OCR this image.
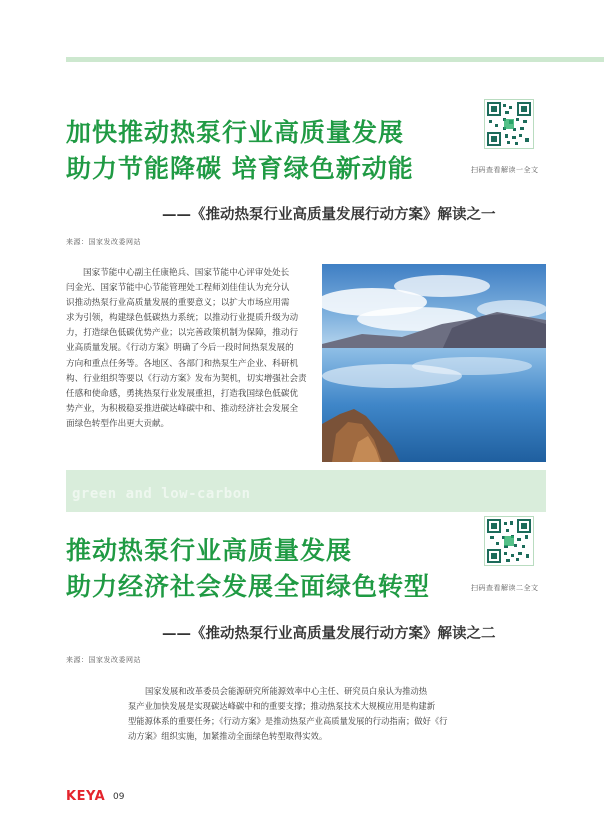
加快推动热泵行业高质量发展
助力节能降碳 培育绿色新动能	扫码查看解读一全文
——《推动热泵行业高质量发展行动方案》解读之一
来源：国家发改委网站
国家节能中心副主任康艳兵、国家节能中心评审处处长
闫金光、国家节能中心节能管理处工程师刘佳佳认为充分认
识推动热泵行业高质量发展的重要意义；以扩大市场应用需
求为引领，构建绿色低碳热力系统；以推动行业提质升级为动
力，打造绿色低碳优势产业；以完善政策机制为保障，推动行
业高质量发展。《行动方案》明确了今后一段时间热泵发展的
方向和重点任务等。各地区、各部门和热泵生产企业、科研机
构、行业组织等要以《行动方案》发布为契机，切实增强社会责
任感和使命感，勇挑热泵行业发展重担，打造我国绿色低碳优
势产业，为积极稳妥推进碳达峰碳中和、推动经济社会发展全
面绿色转型作出更大贡献。
green and low-carbon
推动热泵行业高质量发展
助力经济社会发展全面绿色转型	扫码查看解读二全文
——《推动热泵行业高质量发展行动方案》解读之二
来源：国家发改委网站
国家发展和改革委员会能源研究所能源效率中心主任、研究员白泉认为推动热
泵产业加快发展是实现碳达峰碳中和的重要支撑；推动热泵技术大规模应用是构建新
型能源体系的重要任务；《行动方案》是推动热泵产业高质量发展的行动指南；做好《行
动方案》组织实施，加紧推动全面绿色转型取得实效。
KEYA 09
